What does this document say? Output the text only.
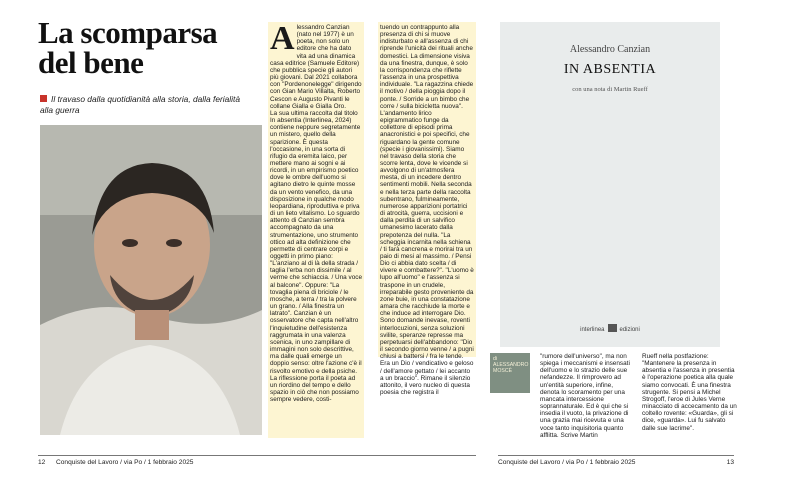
La scomparsa
del bene
Il travaso dalla quotidianità alla storia, dalla ferialità alla guerra
Alessandro Canzian (nato nel 1977) è un poeta, non solo un editore che ha dato vita ad una dinamica casa editrice (Samuele Editore) che pubblica specie gli autori più giovani. Dal 2021 collabora con "Pordenonelegge" dirigendo con Gian Mario Villalta, Roberto Cescon e Augusto Pivanti le collane Gialla e Gialla Oro.
La sua ultima raccolta dal titolo In absentia (Interlinea, 2024) contiene neppure segretamente un mistero, quello della sparizione. È questa l'occasione, in una sorta di rifugio da eremita laico, per mettere mano ai sogni e ai ricordi, in un empirismo poetico dove le ombre dell'uomo si agitano dietro le quinte mosse da un vento venefico, da una disposizione in qualche modo leopardiana, riproduttiva e priva di un lieto vitalismo. Lo sguardo attento di Canzian sembra accompagnato da una strumentazione, uno strumento ottico ad alta definizione che permette di centrare corpi e oggetti in primo piano: "L'anziano al di là della strada / taglia l'erba non dissimile / al verme che schiaccia. / Una voce al balcone". Oppure: "La tovaglia piena di briciole / le mosche, a terra / tra la polvere un grano. / Alla finestra un latrato". Canzian è un osservatore che capta nell'altro l'inquietudine dell'esistenza raggrumata in una valenza scenica, in uno zampillare di immagini non solo descrittive, ma dalle quali emerge un doppio senso: oltre l'azione c'è il risvolto emotivo e della psiche. La riflessione porta il poeta ad un riordino del tempo e dello spazio in ciò che non possiamo sempre vedere, costi-
tuendo un contrappunto alla presenza di chi si muove indisturbato e all'assenza di chi riprende l'unicità dei rituali anche domestici. La dimensione visiva da una finestra, dunque, è solo la corrispondenza che riflette l'assenza in una prospettiva individuale. "La ragazzina chiede il motivo / della pioggia dopo il ponte. / Sorride a un bimbo che corre / sulla bicicletta nuova". L'andamento lirico epigrammatico funge da collettore di episodi prima anacronistici e poi specifici, che riguardano la gente comune (specie i giovanissimi). Siamo nel travaso della storia che scorre lenta, dove le vicende si avvolgono di un'atmosfera mesta, di un incedere dentro sentimenti mobili. Nella seconda e nella terza parte della raccolta subentrano, fulmineamente, numerose apparizioni portatrici di atrocità, guerra, uccisioni e dalla perdita di un salvifico umanesimo lacerato dalla prepotenza del nulla. "La scheggia incarnita nella schiena / ti farà cancrena e morirai tra un paio di mesi al massimo. / Pensi Dio ci abbia dato scelta / di vivere e combattere?". "L'uomo è lupo all'uomo" e l'assenza si traspone in un crudele, irreparabile gesto proveniente da zone buie, in una constatazione amara che racchiude la morte e che induce ad interrogare Dio. Sono domande inevase, roventi interlocuzioni, senza soluzioni svilite, speranze represse ma perpetuarsi dell'abbandono: "Dio il secondo giorno venne / a pugni chiusi a battersi / fra le tende. Era un Dio / vendicativo e geloso / dell'amore gettato / lei accanto a un braccio". Rimane il silenzio attonito, il vero nucleo di questa poesia che registra il
12 Conquiste del Lavoro / via Po / 1 febbraio 2025
Alessandro Canzian
IN ABSENTIA
con una nota di Martin Rueff
interlinea	edizioni
di
ALESSANDRO
MOSCÈ
"rumore dell'universo", ma non spiega i meccanismi e insensati dell'uomo e lo strazio delle sue nefandezze. Il rimprovero ad un'entità superiore, infine, denota lo scoramento per una mancata intercessione soprannaturale. Ed è qui che si insedia il vuoto, la privazione di una grazia mai ricevuta e una voce tanto inquisitoria quanto afflitta. Scrive Martin
Rueff nella postfazione: "Mantenere la presenza in absentia e l'assenza in presentia è l'operazione poetica alla quale siamo convocati. È una finestra strugente. Si pensi a Michel Strogoff, l'eroe di Jules Verne minacciato di accecamento da un coltello rovente: «Guarda», gli si dice, «guarda». Lui fu salvato dalle sue lacrime".
Conquiste del Lavoro / via Po / 1 febbraio 2025	13
